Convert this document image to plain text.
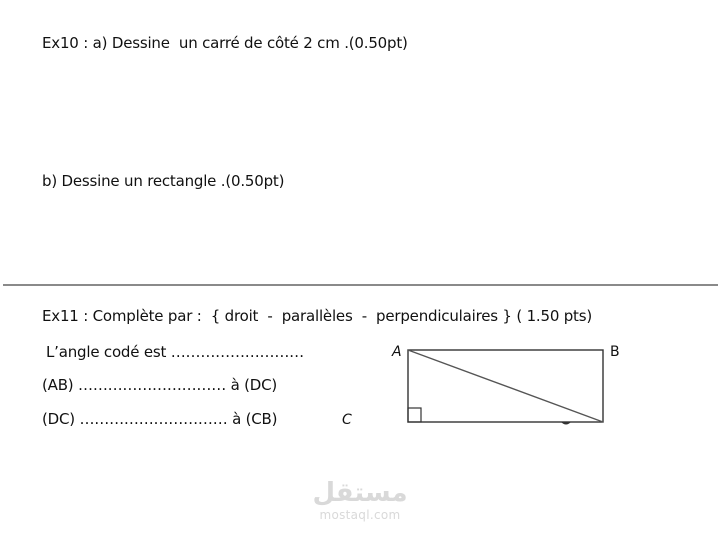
Ex10 : a) Dessine  un carré de côté 2 cm .(0.50pt)
b) Dessine un rectangle .(0.50pt)
Ex11 : Complète par :  { droit  -  parallèles  -  perpendiculaires } ( 1.50 pts)
L’angle codé est ………………………
(AB) ………………………… à (DC)
(DC) ………………………… à (CB)
A	B
C
مستقل
mostaql.com
